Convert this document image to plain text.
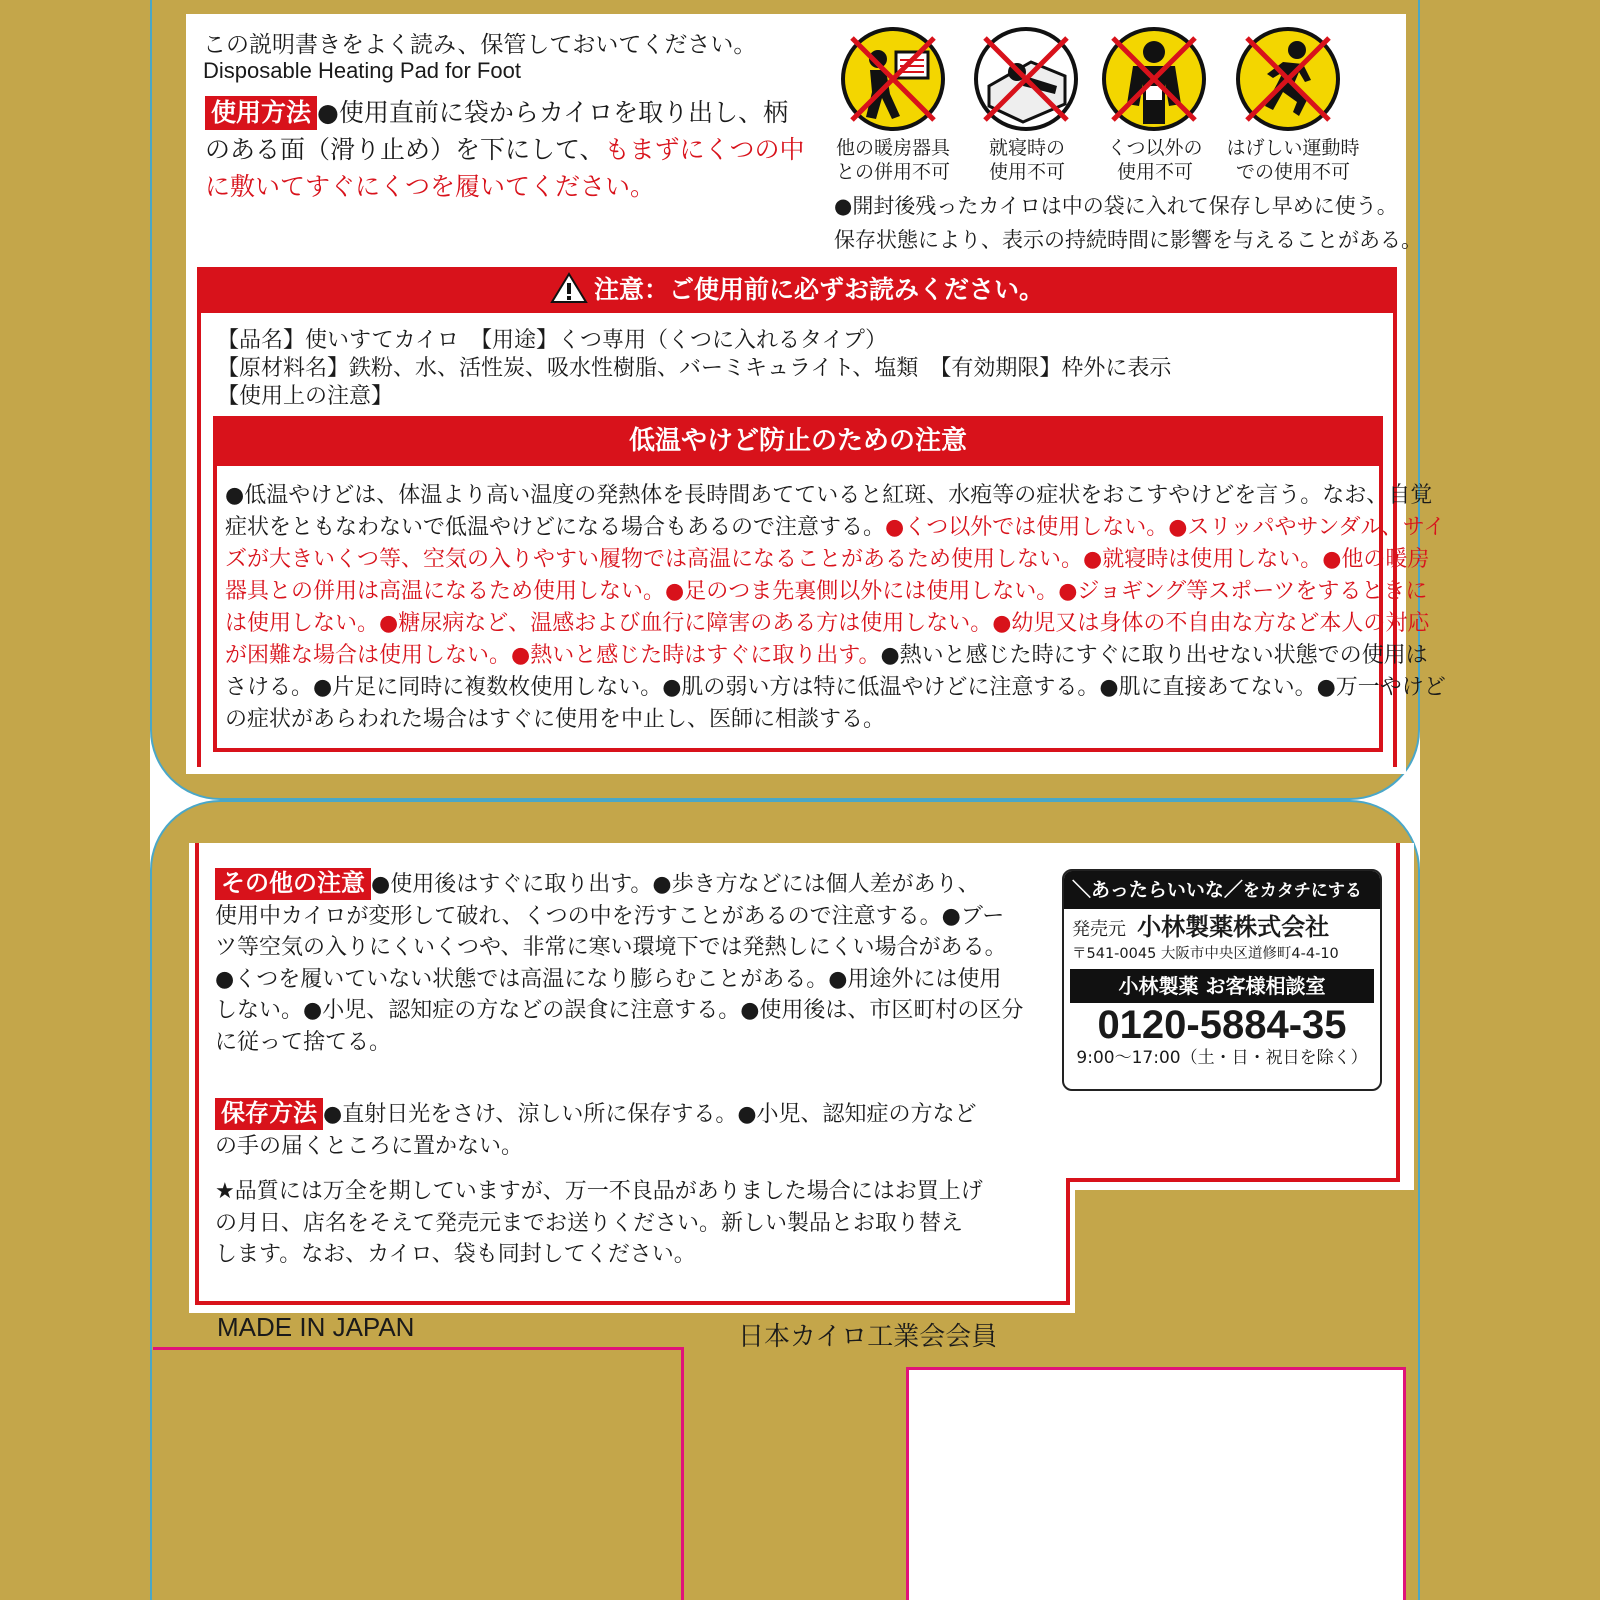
この説明書きをよく読み、保管しておいてください。
Disposable Heating Pad for Foot
使用方法 ●使用直前に袋からカイロを取り出し、柄
のある面（滑り止め）を下にして、もまずにくつの中
に敷いてすぐにくつを履いてください。
他の暖房器具
との併用不可
就寝時の
使用不可
くつ以外の
使用不可
はげしい運動時
での使用不可
●開封後残ったカイロは中の袋に入れて保存し早めに使う。
保存状態により、表示の持続時間に影響を与えることがある。
注意：ご使用前に必ずお読みください。
【品名】使いすてカイロ　【用途】くつ専用（くつに入れるタイプ）
【原材料名】鉄粉、水、活性炭、吸水性樹脂、バーミキュライト、塩類　【有効期限】枠外に表示
【使用上の注意】
低温やけど防止のための注意
●低温やけどは、体温より高い温度の発熱体を長時間あてていると紅斑、水疱等の症状をおこすやけどを言う。なお、自覚
症状をともなわないで低温やけどになる場合もあるので注意する。●くつ以外では使用しない。●スリッパやサンダル、サイ
ズが大きいくつ等、空気の入りやすい履物では高温になることがあるため使用しない。●就寝時は使用しない。●他の暖房
器具との併用は高温になるため使用しない。●足のつま先裏側以外には使用しない。●ジョギング等スポーツをするときに
は使用しない。●糖尿病など、温感および血行に障害のある方は使用しない。●幼児又は身体の不自由な方など本人の対応
が困難な場合は使用しない。●熱いと感じた時はすぐに取り出す。●熱いと感じた時にすぐに取り出せない状態での使用は
さける。●片足に同時に複数枚使用しない。●肌の弱い方は特に低温やけどに注意する。●肌に直接あてない。●万一やけど
の症状があらわれた場合はすぐに使用を中止し、医師に相談する。
その他の注意 ●使用後はすぐに取り出す。●歩き方などには個人差があり、
使用中カイロが変形して破れ、くつの中を汚すことがあるので注意する。●ブー
ツ等空気の入りにくいくつや、非常に寒い環境下では発熱しにくい場合がある。
●くつを履いていない状態では高温になり膨らむことがある。●用途外には使用
しない。●小児、認知症の方などの誤食に注意する。●使用後は、市区町村の区分
に従って捨てる。
保存方法 ●直射日光をさけ、涼しい所に保存する。●小児、認知症の方など
の手の届くところに置かない。
★品質には万全を期していますが、万一不良品がありました場合にはお買上げ
の月日、店名をそえて発売元までお送りください。新しい製品とお取り替え
します。なお、カイロ、袋も同封してください。
＼あったらいいな／をカタチにする
発売元 小林製薬株式会社
〒541-0045 大阪市中央区道修町4-4-10
小林製薬 お客様相談室
0120-5884-35
9:00〜17:00（土・日・祝日を除く）
MADE IN JAPAN	日本カイロ工業会会員
